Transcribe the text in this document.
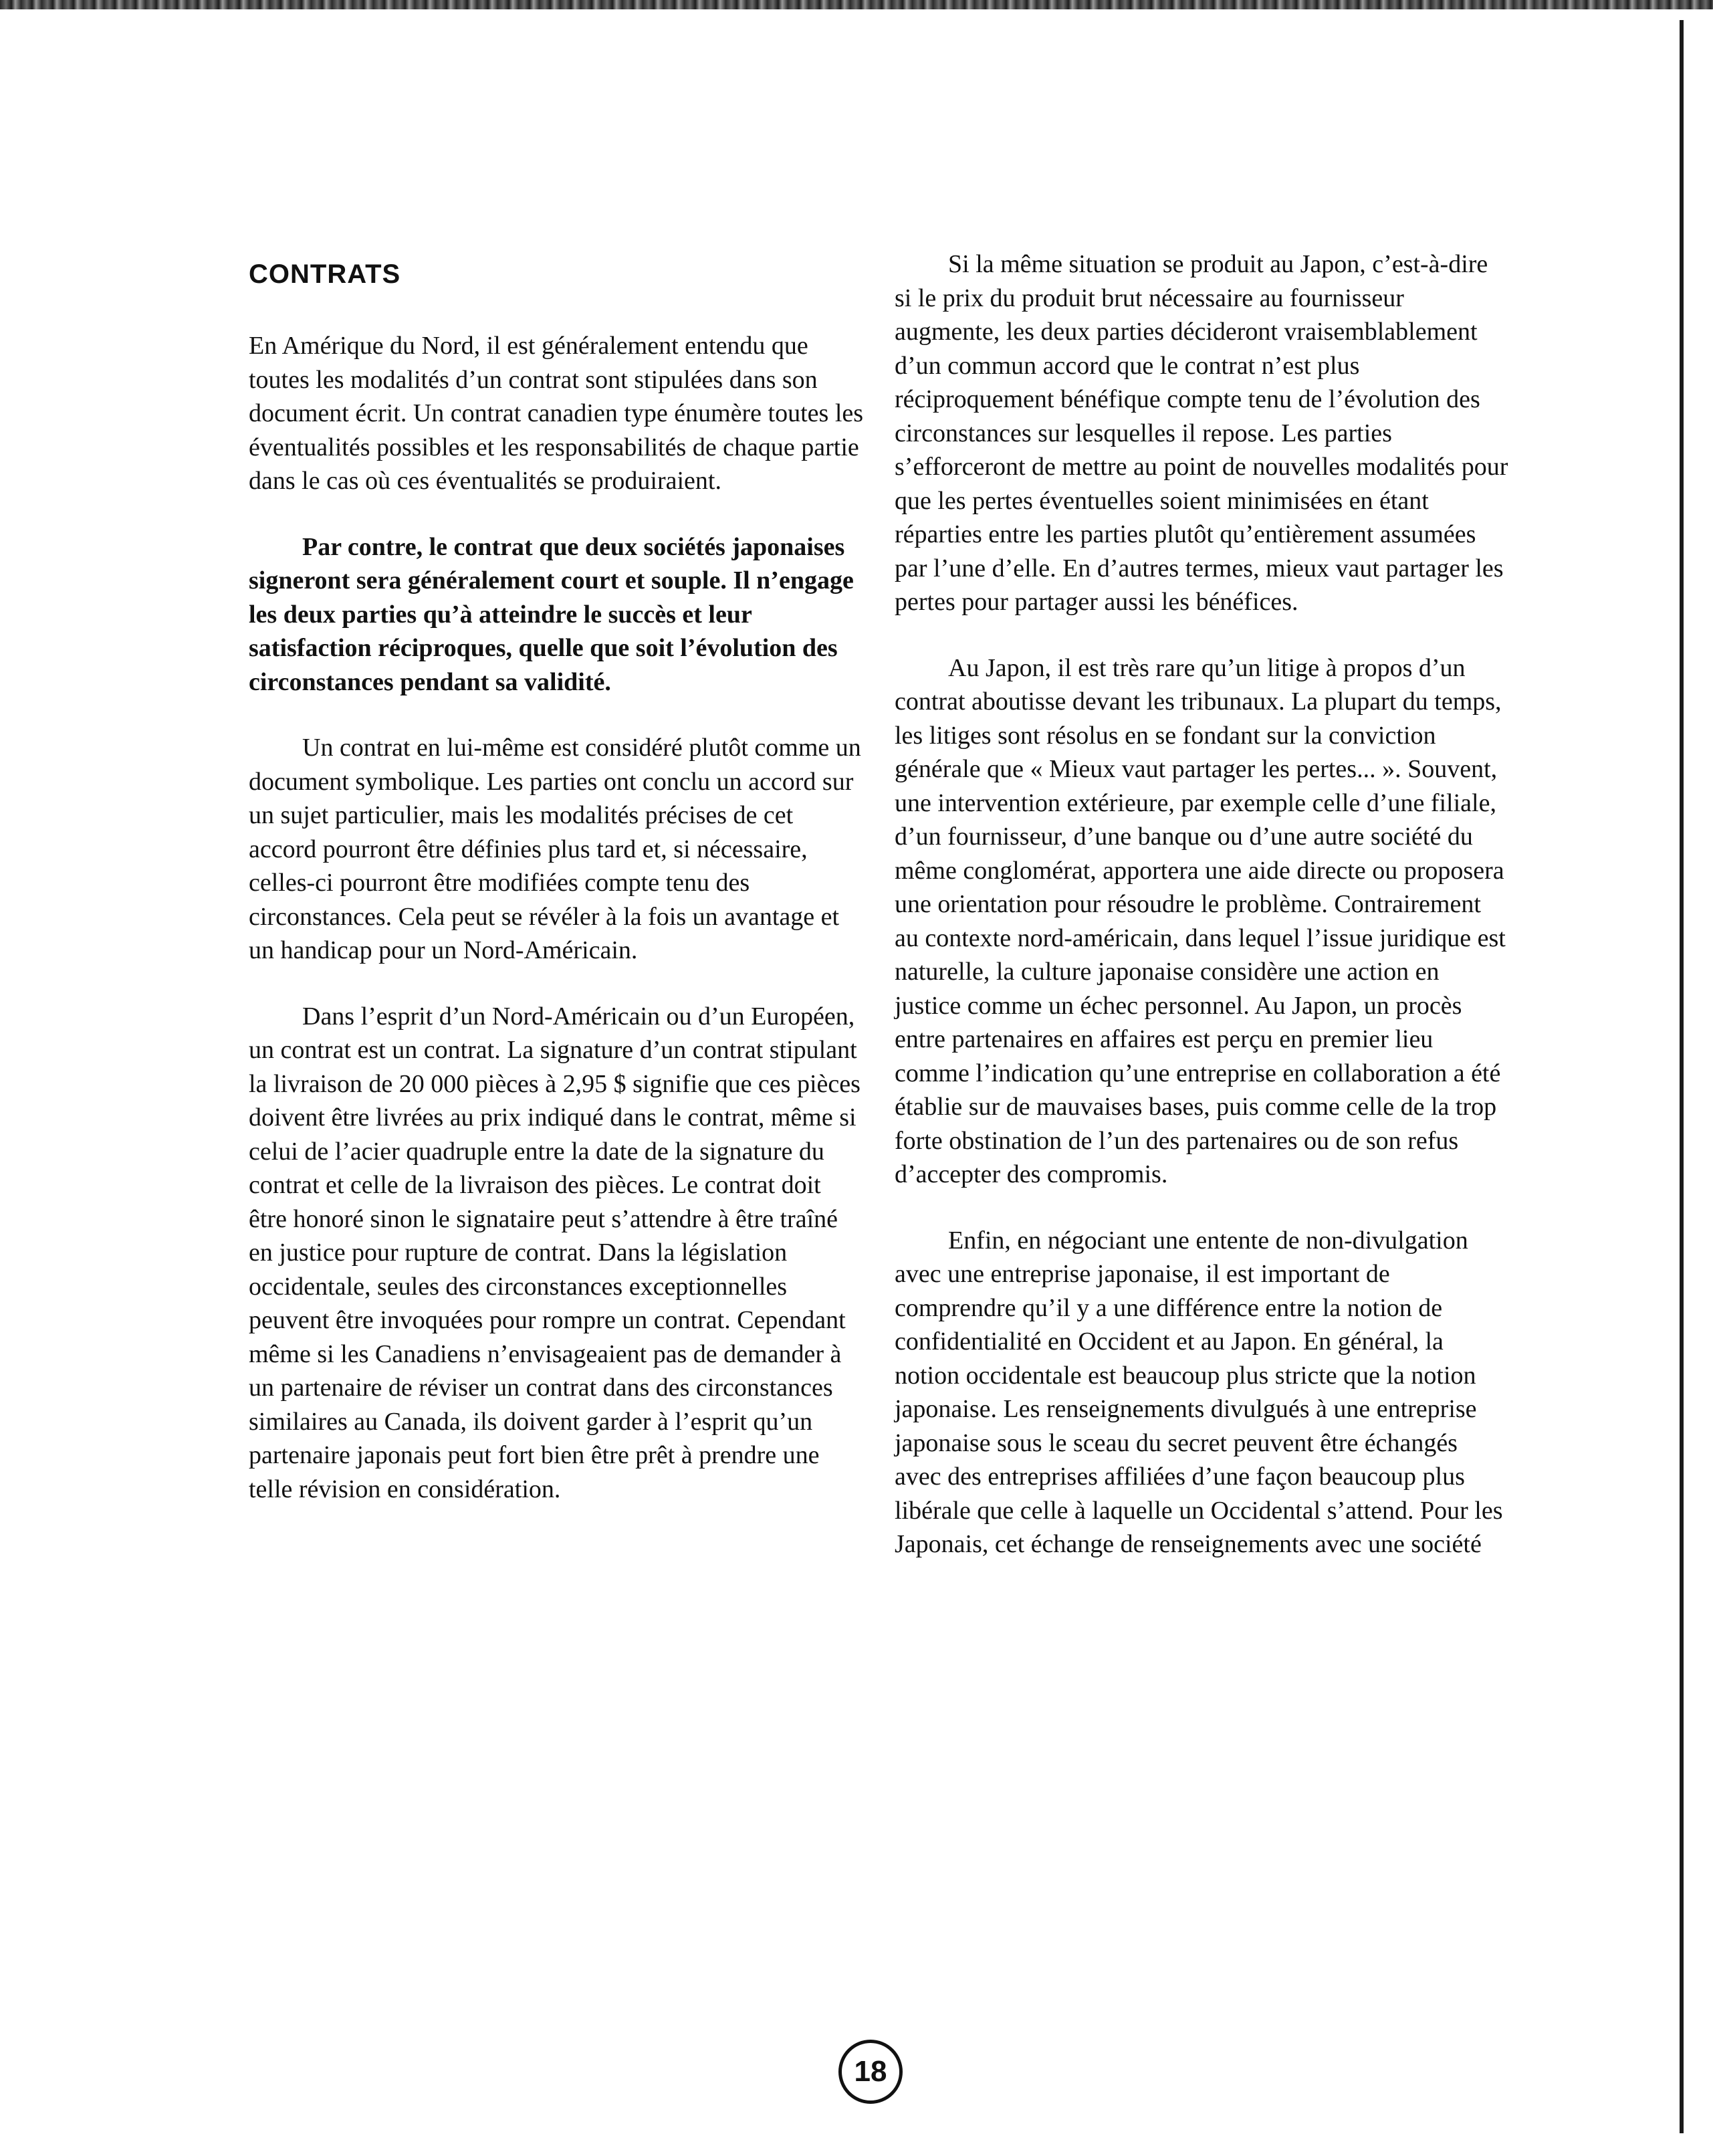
CONTRATS

En Amérique du Nord, il est généralement entendu que toutes les modalités d’un contrat sont stipulées dans son document écrit. Un contrat canadien type énumère toutes les éventualités possibles et les responsabilités de chaque partie dans le cas où ces éventualités se produiraient.

Par contre, le contrat que deux sociétés japonaises signeront sera généralement court et souple. Il n’engage les deux parties qu’à atteindre le succès et leur satisfaction réciproques, quelle que soit l’évolution des circonstances pendant sa validité.

Un contrat en lui-même est considéré plutôt comme un document symbolique. Les parties ont conclu un accord sur un sujet particulier, mais les modalités précises de cet accord pourront être définies plus tard et, si nécessaire, celles-ci pourront être modifiées compte tenu des circonstances. Cela peut se révéler à la fois un avantage et un handicap pour un Nord-Américain.

Dans l’esprit d’un Nord-Américain ou d’un Européen, un contrat est un contrat. La signature d’un contrat stipulant la livraison de 20 000 pièces à 2,95 $ signifie que ces pièces doivent être livrées au prix indiqué dans le contrat, même si celui de l’acier quadruple entre la date de la signature du contrat et celle de la livraison des pièces. Le contrat doit être honoré sinon le signataire peut s’attendre à être traîné en justice pour rupture de contrat. Dans la législation occidentale, seules des circonstances exceptionnelles peuvent être invoquées pour rompre un contrat. Cependant même si les Canadiens n’envisageaient pas de demander à un partenaire de réviser un contrat dans des circonstances similaires au Canada, ils doivent garder à l’esprit qu’un partenaire japonais peut fort bien être prêt à prendre une telle révision en considération.

Si la même situation se produit au Japon, c’est-à-dire si le prix du produit brut nécessaire au fournisseur augmente, les deux parties décideront vraisemblablement d’un commun accord que le contrat n’est plus réciproquement bénéfique compte tenu de l’évolution des circonstances sur lesquelles il repose. Les parties s’efforceront de mettre au point de nouvelles modalités pour que les pertes éventuelles soient minimisées en étant réparties entre les parties plutôt qu’entièrement assumées par l’une d’elle. En d’autres termes, mieux vaut partager les pertes pour partager aussi les bénéfices.

Au Japon, il est très rare qu’un litige à propos d’un contrat aboutisse devant les tribunaux. La plupart du temps, les litiges sont résolus en se fondant sur la conviction générale que « Mieux vaut partager les pertes... ». Souvent, une intervention extérieure, par exemple celle d’une filiale, d’un fournisseur, d’une banque ou d’une autre société du même conglomérat, apportera une aide directe ou proposera une orientation pour résoudre le problème. Contrairement au contexte nord-américain, dans lequel l’issue juridique est naturelle, la culture japonaise considère une action en justice comme un échec personnel. Au Japon, un procès entre partenaires en affaires est perçu en premier lieu comme l’indication qu’une entreprise en collaboration a été établie sur de mauvaises bases, puis comme celle de la trop forte obstination de l’un des partenaires ou de son refus d’accepter des compromis.

Enfin, en négociant une entente de non-divulgation avec une entreprise japonaise, il est important de comprendre qu’il y a une différence entre la notion de confidentialité en Occident et au Japon. En général, la notion occidentale est beaucoup plus stricte que la notion japonaise. Les renseignements divulgués à une entreprise japonaise sous le sceau du secret peuvent être échangés avec des entreprises affiliées d’une façon beaucoup plus libérale que celle à laquelle un Occidental s’attend. Pour les Japonais, cet échange de renseignements avec une société

18
